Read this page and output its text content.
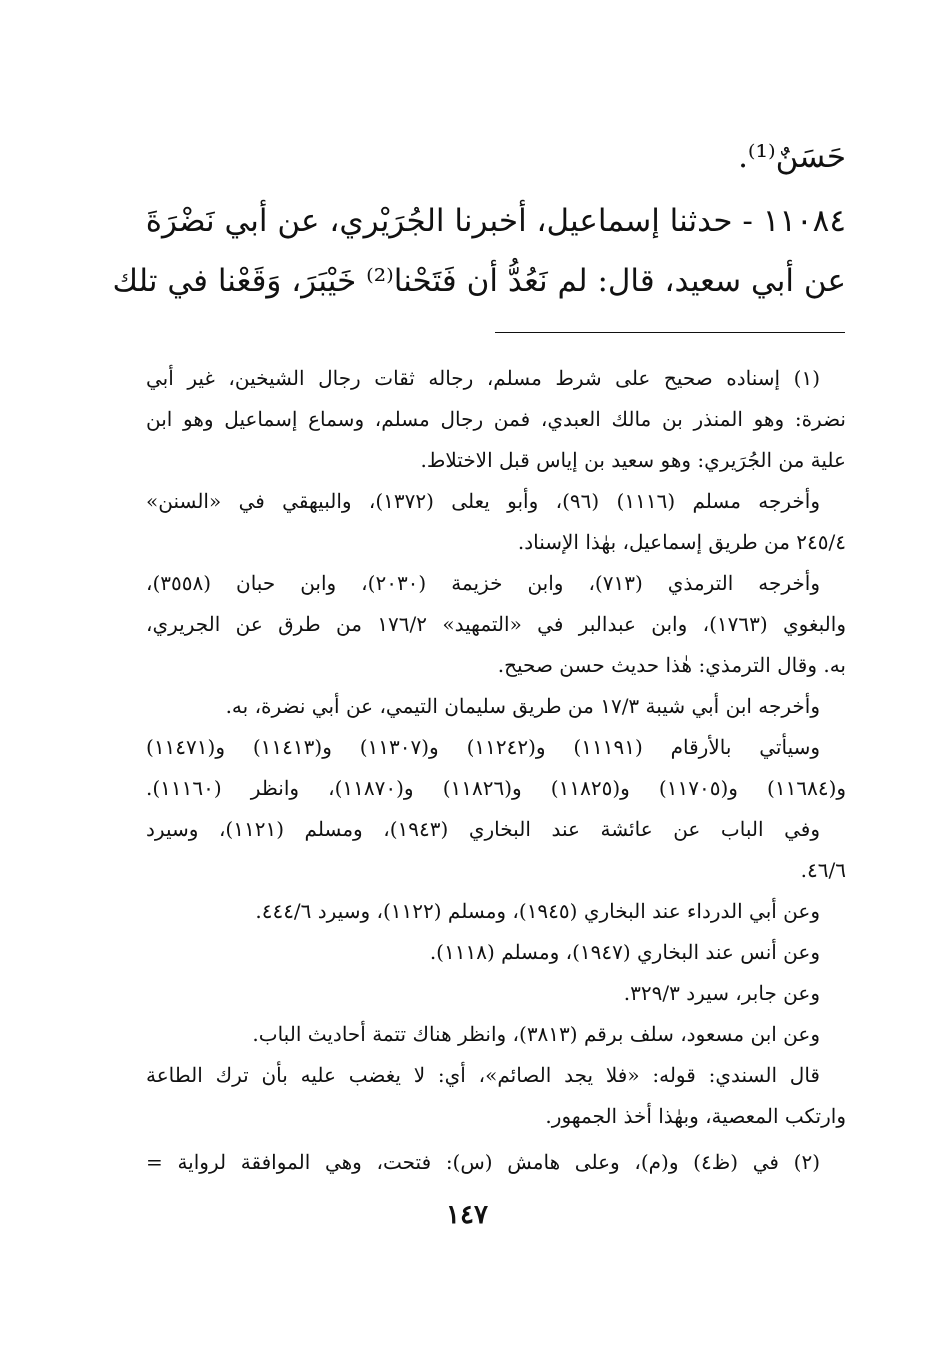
حَسَنٌ⁽¹⁾.
١١٠٨٤ - حدثنا إسماعيل، أخبرنا الجُرَيْري، عن أبي نَضْرَةَ
عن أبي سعيد، قال: لم نَعُدُّ أن فَتَحْنا⁽²⁾ خَيْبَرَ، وَقَعْنا في تلك
(١) إسناده صحيح على شرط مسلم، رجاله ثقات رجال الشيخين، غير أبي
نضرة: وهو المنذر بن مالك العبدي، فمن رجال مسلم، وسماع إسماعيل وهو ابن
علية من الجُرَيري: وهو سعيد بن إياس قبل الاختلاط.
وأخرجه مسلم (١١١٦) (٩٦)، وأبو يعلى (١٣٧٢)، والبيهقي في «السنن»
٢٤٥/٤ من طريق إسماعيل، بهٰذا الإسناد.
وأخرجه الترمذي (٧١٣)، وابن خزيمة (٢٠٣٠)، وابن حبان (٣٥٥٨)،
والبغوي (١٧٦٣)، وابن عبدالبر في «التمهيد» ١٧٦/٢ من طرق عن الجريري،
به. وقال الترمذي: هٰذا حديث حسن صحيح.
وأخرجه ابن أبي شيبة ١٧/٣ من طريق سليمان التيمي، عن أبي نضرة، به.
وسيأتي بالأرقام (١١١٩١) و(١١٢٤٢) و(١١٣٠٧) و(١١٤١٣) و(١١٤٧١)
و(١١٦٨٤) و(١١٧٠٥) و(١١٨٢٥) و(١١٨٢٦) و(١١٨٧٠)، وانظر (١١١٦٠).
وفي الباب عن عائشة عند البخاري (١٩٤٣)، ومسلم (١١٢١)، وسيرد
٤٦/٦.
وعن أبي الدرداء عند البخاري (١٩٤٥)، ومسلم (١١٢٢)، وسيرد ٤٤٤/٦.
وعن أنس عند البخاري (١٩٤٧)، ومسلم (١١١٨).
وعن جابر، سيرد ٣٢٩/٣.
وعن ابن مسعود، سلف برقم (٣٨١٣)، وانظر هناك تتمة أحاديث الباب.
قال السندي: قوله: «فلا يجد الصائم»، أي: لا يغضب عليه بأن ترك الطاعة
وارتكب المعصية، وبهٰذا أخذ الجمهور.
(٢) في (ظ٤) و(م)، وعلى هامش (س): فتحت، وهي الموافقة لرواية =
١٤٧
